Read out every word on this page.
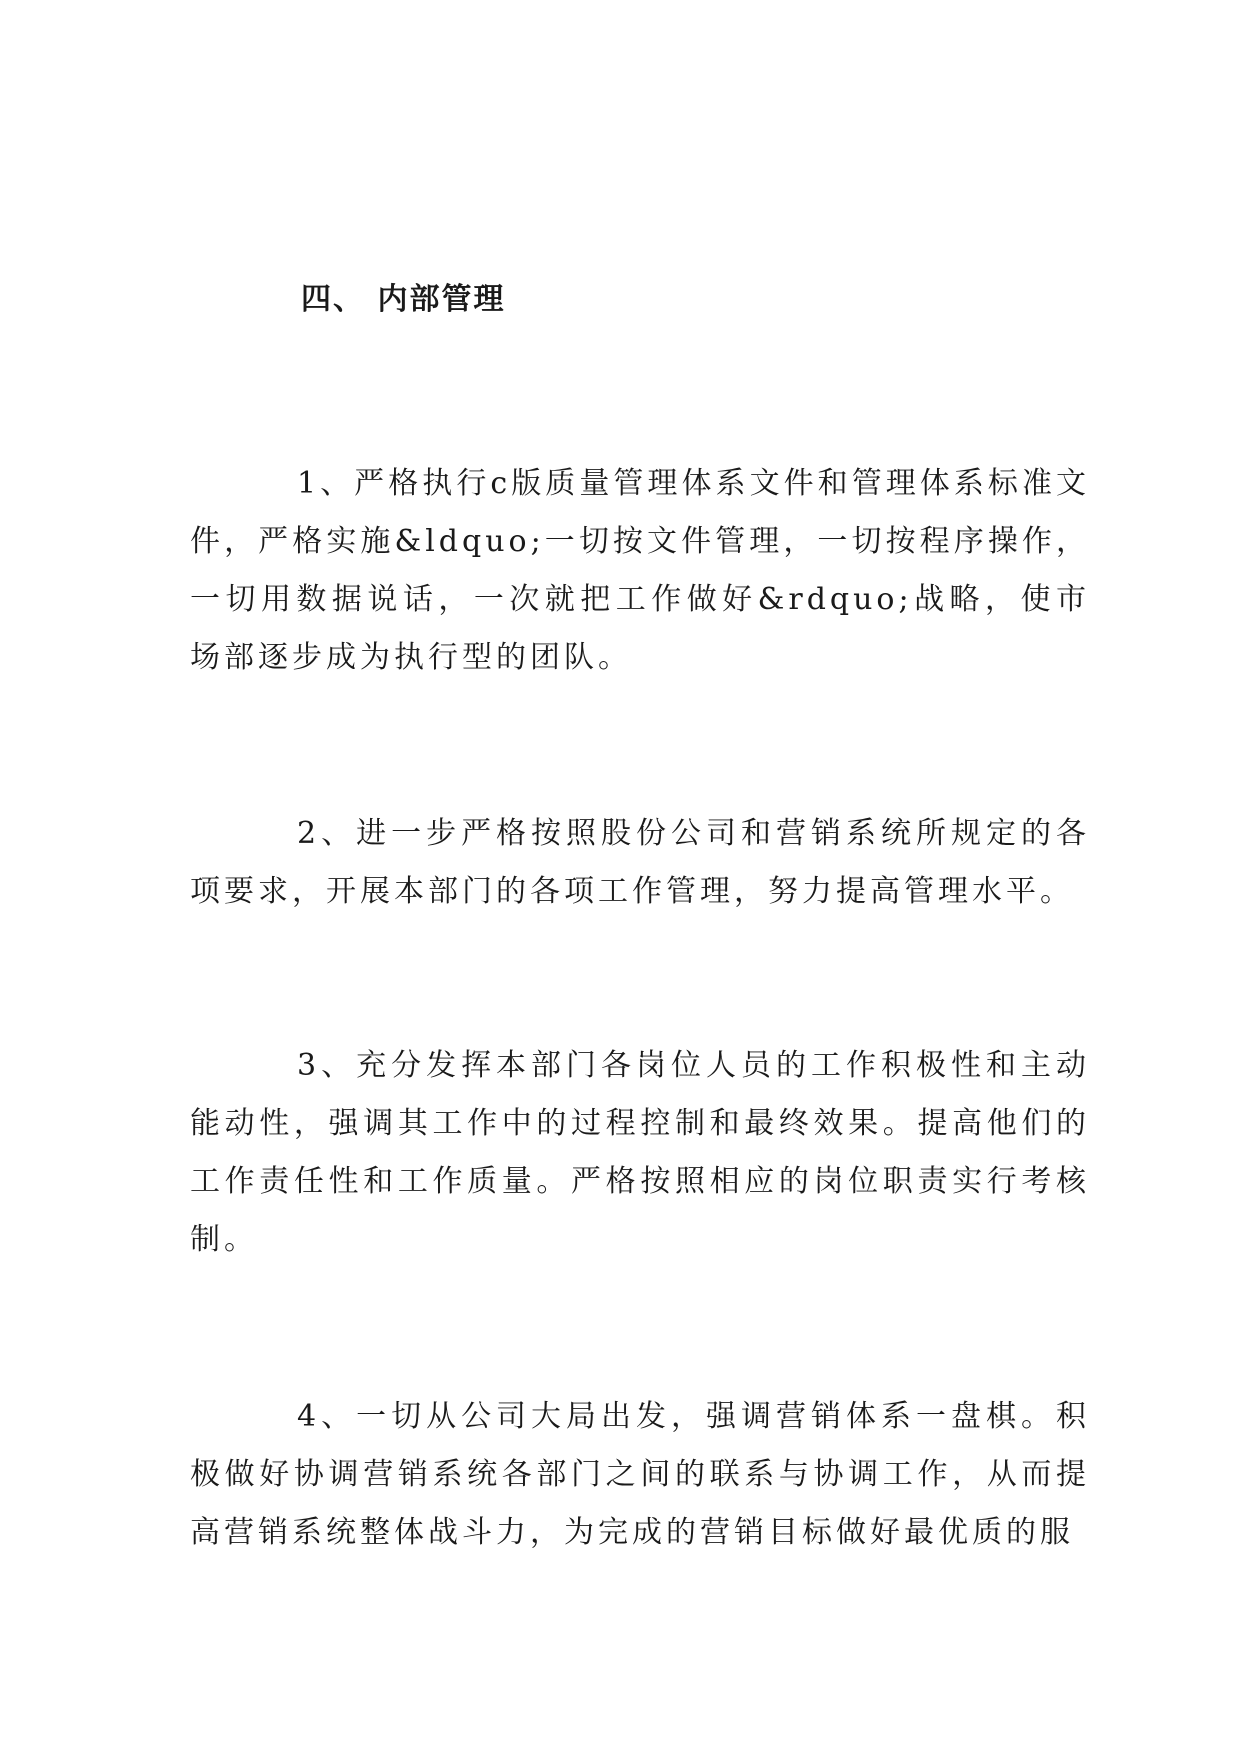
四、 内部管理

1、严格执行c版质量管理体系文件和管理体系标准文件，严格实施&ldquo;一切按文件管理，一切按程序操作，一切用数据说话，一次就把工作做好&rdquo;战略，使市场部逐步成为执行型的团队。

2、进一步严格按照股份公司和营销系统所规定的各项要求，开展本部门的各项工作管理，努力提高管理水平。

3、充分发挥本部门各岗位人员的工作积极性和主动能动性，强调其工作中的过程控制和最终效果。提高他们的工作责任性和工作质量。严格按照相应的岗位职责实行考核制。

4、一切从公司大局出发，强调营销体系一盘棋。积极做好协调营销系统各部门之间的联系与协调工作，从而提高营销系统整体战斗力，为完成的营销目标做好最优质的服
